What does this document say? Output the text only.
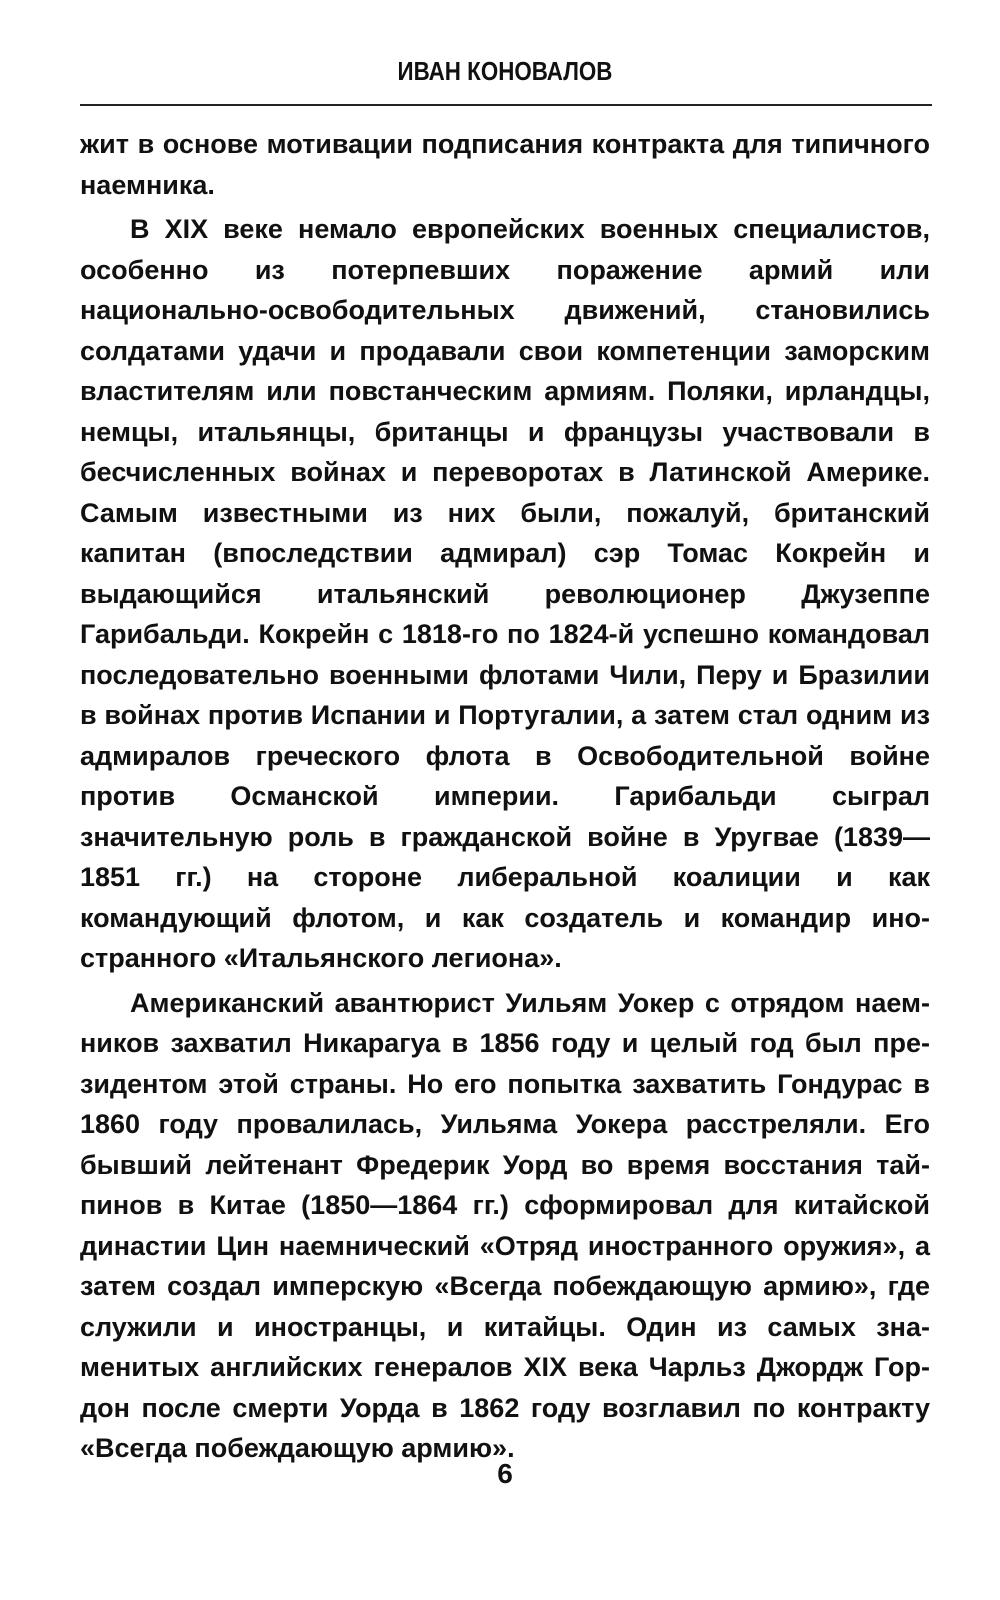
ИВАН КОНОВАЛОВ

жит в основе мотивации подписания контракта для типичного наемника.

В XIX веке немало европейских военных специалистов, особенно из потерпевших поражение армий или национально-освободительных движений, становились солдатами удачи и продавали свои компетенции заморским властителям или повстанческим армиям. Поляки, ирландцы, немцы, итальянцы, британцы и французы участвовали в бесчисленных войнах и переворотах в Латинской Америке. Самым известными из них были, пожалуй, британский капитан (впоследствии адмирал) сэр Томас Кокрейн и выдающийся итальянский революционер Джузеппе Гарибальди. Кокрейн с 1818-го по 1824-й успешно командовал последовательно военными флотами Чили, Перу и Бразилии в войнах против Испании и Португалии, а затем стал одним из адмиралов греческого флота в Освободительной войне против Османской империи. Гарибальди сыграл значительную роль в гражданской войне в Уругвае (1839—1851 гг.) на стороне либеральной коалиции и как командующий флотом, и как создатель и командир иностранного «Итальянского легиона».

Американский авантюрист Уильям Уокер с отрядом наемников захватил Никарагуа в 1856 году и целый год был президентом этой страны. Но его попытка захватить Гондурас в 1860 году провалилась, Уильяма Уокера расстреляли. Его бывший лейтенант Фредерик Уорд во время восстания тайпинов в Китае (1850—1864 гг.) сформировал для китайской династии Цин наемнический «Отряд иностранного оружия», а затем создал имперскую «Всегда побеждающую армию», где служили и иностранцы, и китайцы. Один из самых знаменитых английских генералов XIX века Чарльз Джордж Гордон после смерти Уорда в 1862 году возглавил по контракту «Всегда побеждающую армию».

6
